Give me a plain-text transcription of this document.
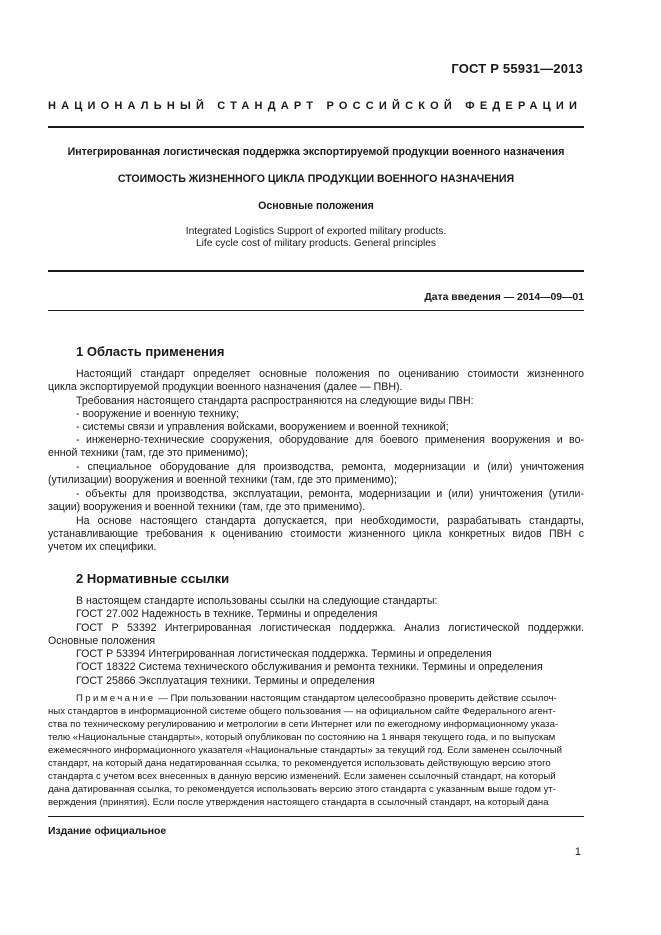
ГОСТ Р 55931—2013
НАЦИОНАЛЬНЫЙ СТАНДАРТ РОССИЙСКОЙ ФЕДЕРАЦИИ
Интегрированная логистическая поддержка экспортируемой продукции военного назначения
СТОИМОСТЬ ЖИЗНЕННОГО ЦИКЛА ПРОДУКЦИИ ВОЕННОГО НАЗНАЧЕНИЯ
Основные положения
Integrated Logistics Support of exported military products.
Life cycle cost of military products. General principles
Дата введения — 2014—09—01
1 Область применения
Настоящий стандарт определяет основные положения по оцениванию стоимости жизненного
цикла экспортируемой продукции военного назначения (далее — ПВН).
Требования настоящего стандарта распространяются на следующие виды ПВН:
- вооружение и военную технику;
- системы связи и управления войсками, вооружением и военной техникой;
- инженерно-технические сооружения, оборудование для боевого применения вооружения и во-
енной техники (там, где это применимо);
- специальное оборудование для производства, ремонта, модернизации и (или) уничтожения
(утилизации) вооружения и военной техники (там, где это применимо);
- объекты для производства, эксплуатации, ремонта, модернизации и (или) уничтожения (утили-
зации) вооружения и военной техники (там, где это применимо).
На основе настоящего стандарта допускается, при необходимости, разрабатывать стандарты,
устанавливающие требования к оцениванию стоимости жизненного цикла конкретных видов ПВН с
учетом их специфики.
2 Нормативные ссылки
В настоящем стандарте использованы ссылки на следующие стандарты:
ГОСТ 27.002 Надежность в технике. Термины и определения
ГОСТ Р 53392 Интегрированная логистическая поддержка. Анализ логистической поддержки.
Основные положения
ГОСТ Р 53394 Интегрированная логистическая поддержка. Термины и определения
ГОСТ 18322 Система технического обслуживания и ремонта техники. Термины и определения
ГОСТ 25866 Эксплуатация техники. Термины и определения
Примечание — При пользовании настоящим стандартом целесообразно проверить действие ссылоч-
ных стандартов в информационной системе общего пользования — на официальном сайте Федерального агент-
ства по техническому регулированию и метрологии в сети Интернет или по ежегодному информационному указа-
телю «Национальные стандарты», который опубликован по состоянию на 1 января текущего года, и по выпускам
ежемесячного информационного указателя «Национальные стандарты» за текущий год. Если заменен ссылочный
стандарт, на который дана недатированная ссылка, то рекомендуется использовать действующую версию этого
стандарта с учетом всех внесенных в данную версию изменений. Если заменен ссылочный стандарт, на который
дана датированная ссылка, то рекомендуется использовать версию этого стандарта с указанным выше годом ут-
верждения (принятия). Если после утверждения настоящего стандарта в ссылочный стандарт, на который дана
Издание официальное
1
